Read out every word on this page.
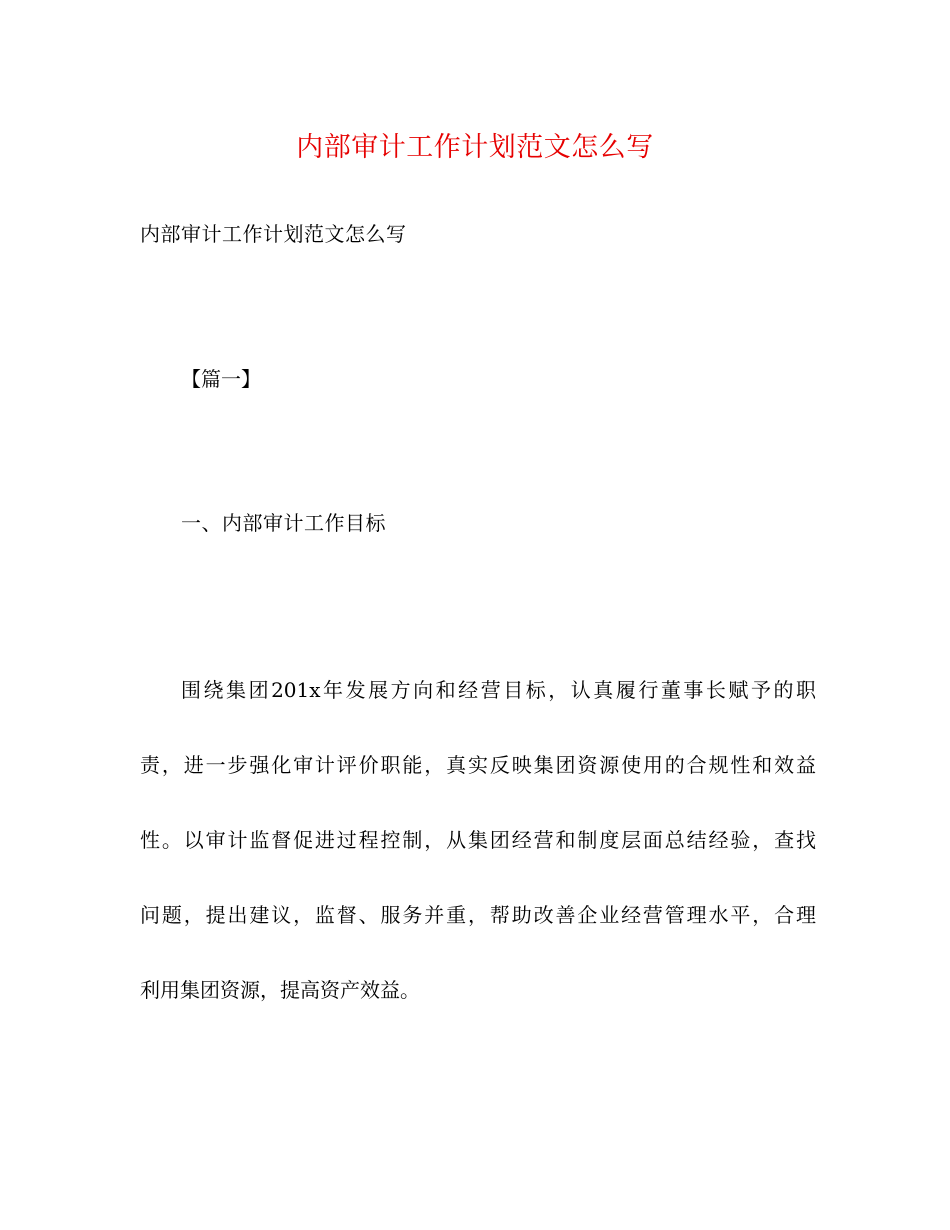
内部审计工作计划范文怎么写
内部审计工作计划范文怎么写
【篇一】
一、内部审计工作目标
围绕集团201x年发展方向和经营目标，认真履行董事长赋予的职
责，进一步强化审计评价职能，真实反映集团资源使用的合规性和效益
性。以审计监督促进过程控制，从集团经营和制度层面总结经验，查找
问题，提出建议，监督、服务并重，帮助改善企业经营管理水平，合理
利用集团资源，提高资产效益。
